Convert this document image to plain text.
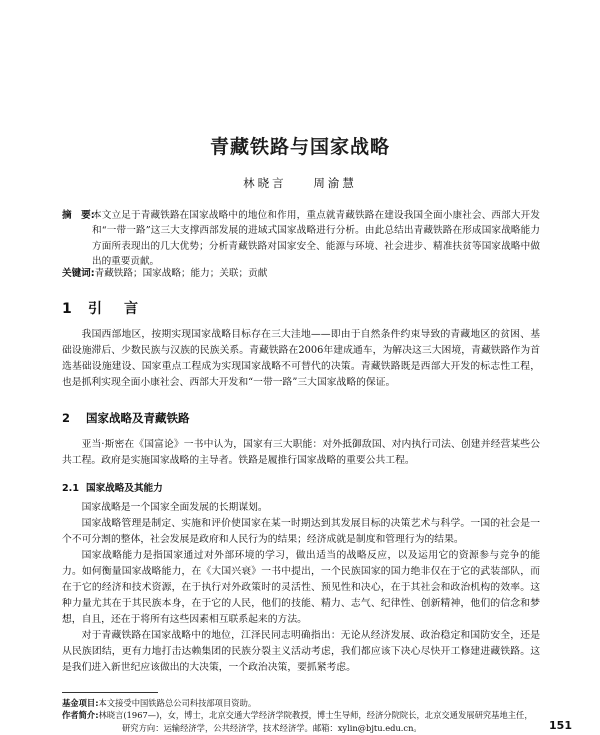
青藏铁路与国家战略
林晓言 周渝慧
摘　要:
本文立足于青藏铁路在国家战略中的地位和作用，重点就青藏铁路在建设我国全面小康社会、西部大开发和“一带一路”这三大支撑西部发展的进域式国家战略进行分析。由此总结出青藏铁路在形成国家战略能力方面所表现出的几大优势；分析青藏铁路对国家安全、能源与环境、社会进步、精准扶贫等国家战略中做出的重要贡献。
关键词:青藏铁路；国家战略；能力；关联；贡献
1 引言

我国西部地区，按期实现国家战略目标存在三大洼地——即由于自然条件约束导致的青藏地区的贫困、基础设施滞后、少数民族与汉族的民族关系。青藏铁路在2006年建成通车，为解决这三大困境，青藏铁路作为首选基础设施建设、国家重点工程成为实现国家战略不可替代的决策。青藏铁路既是西部大开发的标志性工程，也是抓利实现全面小康社会、西部大开发和“一带一路”三大国家战略的保证。

2 国家战略及青藏铁路

亚当·斯密在《国富论》一书中认为，国家有三大职能：对外抵御敌国、对内执行司法、创建并经营某些公共工程。政府是实施国家战略的主导者。铁路是履推行国家战略的重要公共工程。

2.1 国家战略及其能力

国家战略是一个国家全面发展的长期谋划。

国家战略管理是制定、实施和评价使国家在某一时期达到其发展目标的决策艺术与科学。一国的社会是一个不可分割的整体，社会发展是政府和人民行为的结果；经济成就是制度和管理行为的结果。

国家战略能力是指国家通过对外部环境的学习，做出适当的战略反应，以及运用它的资源参与竞争的能力。如何衡量国家战略能力，在《大国兴衰》一书中提出，一个民族国家的国力绝非仅在于它的武装部队，而在于它的经济和技术资源，在于执行对外政策时的灵活性、预见性和决心，在于其社会和政治机构的效率。这种力量尤其在于其民族本身，在于它的人民，他们的技能、精力、志气、纪律性、创新精神，他们的信念和梦想，自且，还在于将所有这些因素相互联系起来的方法。

对于青藏铁路在国家战略中的地位，江泽民同志明确指出：无论从经济发展、政治稳定和国防安全，还是从民族团结，更有力地打击达赖集团的民族分裂主义活动考虑，我们都应该下决心尽快开工修建进藏铁路。这是我们进入新世纪应该做出的大决策，一个政治决策，要抓紧考虑。

基金项目:本文接受中国铁路总公司科技部项目资助。
作者简介:林晓言(1967—)，女，博士，北京交通大学经济学院教授，博士生导师，经济分院院长，北京交通发展研究基地主任，
研究方向：运输经济学，公共经济学，技术经济学。邮箱：xylin@bjtu.edu.cn。	151
